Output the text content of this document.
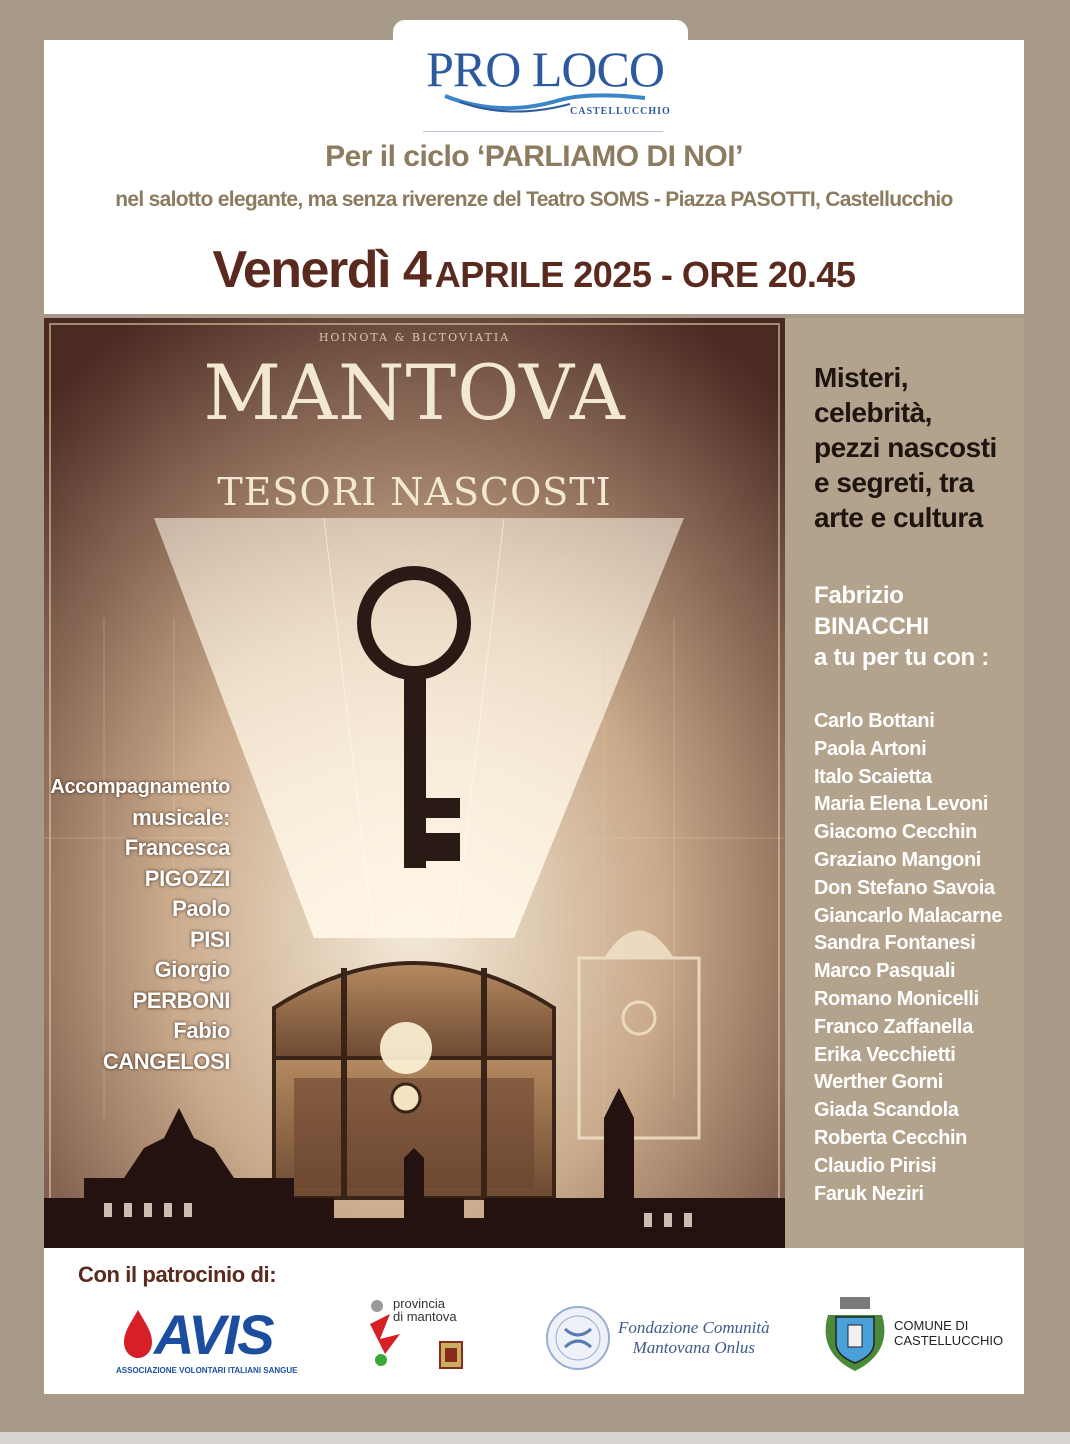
PRO LOCO
CASTELLUCCHIO
Per il ciclo ‘PARLIAMO DI NOI’
nel salotto elegante, ma senza riverenze del Teatro SOMS - Piazza PASOTTI, Castellucchio
Venerdì 4 APRILE 2025 - ORE 20.45
HOINOTA & BICTOVIATIA
MANTOVA
TESORI NASCOSTI
Accompagnamento
musicale:
Francesca
PIGOZZI
Paolo
PISI
Giorgio
PERBONI
Fabio
CANGELOSI
Misteri,
celebrità,
pezzi nascosti
e segreti, tra
arte e cultura
Fabrizio
BINACCHI
a tu per tu con :
Carlo Bottani
Paola Artoni
Italo Scaietta
Maria Elena Levoni
Giacomo Cecchin
Graziano Mangoni
Don Stefano Savoia
Giancarlo Malacarne
Sandra Fontanesi
Marco Pasquali
Romano Monicelli
Franco Zaffanella
Erika Vecchietti
Werther Gorni
Giada Scandola
Roberta Cecchin
Claudio Pirisi
Faruk Neziri
Con il patrocinio di:
AVIS
ASSOCIAZIONE VOLONTARI ITALIANI SANGUE
provincia
di mantova
Fondazione Comunità
Mantovana Onlus
COMUNE DI
CASTELLUCCHIO
